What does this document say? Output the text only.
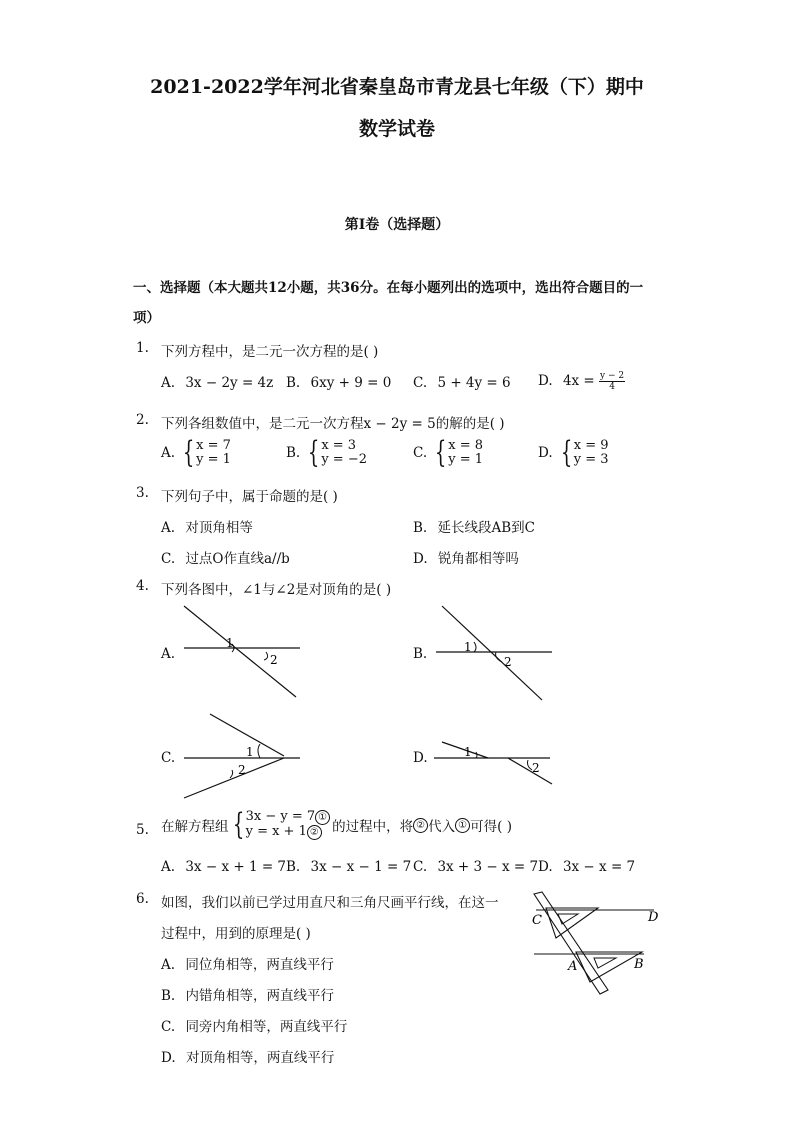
2021-2022学年河北省秦皇岛市青龙县七年级（下）期中
数学试卷
第I卷（选择题）
一、选择题（本大题共12小题，共36分。在每小题列出的选项中，选出符合题目的一
项）
1. 下列方程中，是二元一次方程的是( )
A. 3x − 2y = 4z B. 6xy + 9 = 0 C. 5 + 4y = 6 D. $4x = \frac{y - 2}{4}$
2. 下列各组数值中，是二元一次方程x − 2y = 5的解的是( )
A. { x = 7
y = 1	B. { x = 3
y = −2	C. { x = 8
y = 1	D. { x = 9
y = 3
3. 下列句子中，属于命题的是( )
A. 对顶角相等	B. 延长线段AB到C
C. 过点O作直线a//b	D. 锐角都相等吗
4. 下列各图中，∠1与∠2是对顶角的是( )
A.
1
2	B.	1
2
C.	1
2
D.	1
2
5. 在解方程组 { 3x − y = 7 ①
y = x + 1 ② 的过程中，将 ② 代入 ① 可得( )
A. 3x − x + 1 = 7 B. 3x − x − 1 = 7 C. 3x + 3 − x = 7 D. 3x − x = 7
6. 如图，我们以前已学过用直尺和三角尺画平行线，在这一
过程中，用到的原理是( )
A. 同位角相等，两直线平行
B. 内错角相等，两直线平行
C. 同旁内角相等，两直线平行
D. 对顶角相等，两直线平行
C	D
A	B
